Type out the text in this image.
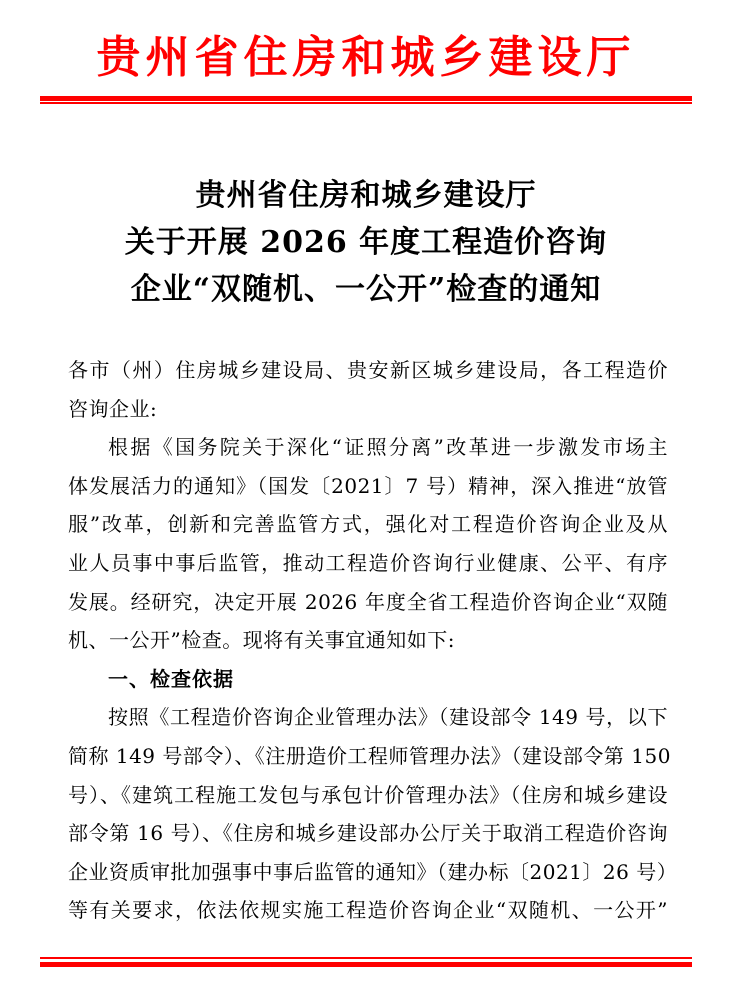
贵州省住房和城乡建设厅
贵州省住房和城乡建设厅
关于开展 2026 年度工程造价咨询
企业“双随机、一公开”检查的通知
各市（州）住房城乡建设局、贵安新区城乡建设局，各工程造价
咨询企业:
根据《国务院关于深化“证照分离”改革进一步激发市场主
体发展活力的通知》（国发〔2021〕7 号）精神，深入推进“放管
服”改革，创新和完善监管方式，强化对工程造价咨询企业及从
业人员事中事后监管，推动工程造价咨询行业健康、公平、有序
发展。经研究，决定开展 2026 年度全省工程造价咨询企业“双随
机、一公开”检查。现将有关事宜通知如下:
一、检查依据
按照《工程造价咨询企业管理办法》（建设部令 149 号，以下
简称 149 号部令）、《注册造价工程师管理办法》（建设部令第 150
号）、《建筑工程施工发包与承包计价管理办法》（住房和城乡建设
部令第 16 号）、《住房和城乡建设部办公厅关于取消工程造价咨询
企业资质审批加强事中事后监管的通知》（建办标〔2021〕26 号）
等有关要求，依法依规实施工程造价咨询企业“双随机、一公开”
